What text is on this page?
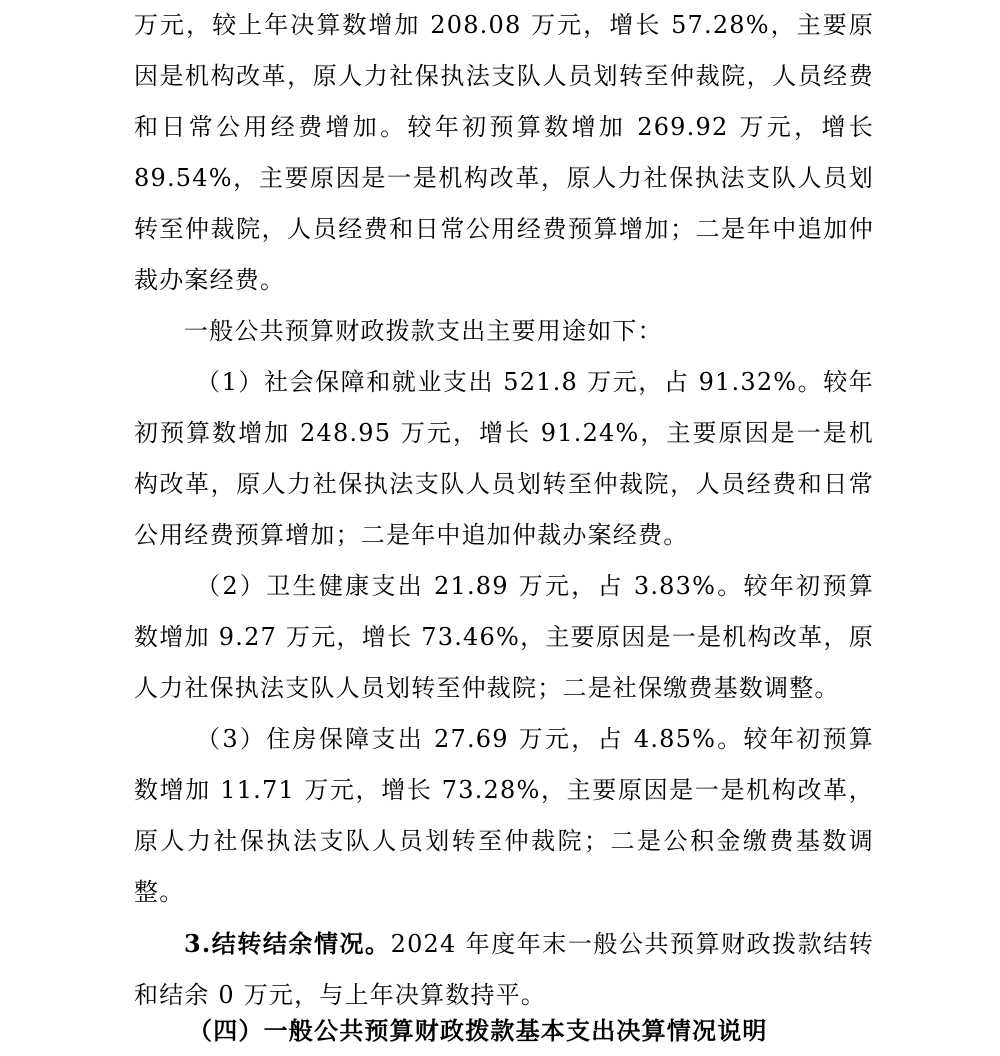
万元，较上年决算数增加 208.08 万元，增长 57.28%，主要原因是机构改革，原人力社保执法支队人员划转至仲裁院，人员经费和日常公用经费增加。较年初预算数增加 269.92 万元，增长 89.54%，主要原因是一是机构改革，原人力社保执法支队人员划转至仲裁院，人员经费和日常公用经费预算增加；二是年中追加仲裁办案经费。
一般公共预算财政拨款支出主要用途如下：
（1）社会保障和就业支出 521.8 万元，占 91.32%。较年初预算数增加 248.95 万元，增长 91.24%，主要原因是一是机构改革，原人力社保执法支队人员划转至仲裁院，人员经费和日常公用经费预算增加；二是年中追加仲裁办案经费。
（2）卫生健康支出 21.89 万元，占 3.83%。较年初预算数增加 9.27 万元，增长 73.46%，主要原因是一是机构改革，原人力社保执法支队人员划转至仲裁院；二是社保缴费基数调整。
（3）住房保障支出 27.69 万元，占 4.85%。较年初预算数增加 11.71 万元，增长 73.28%，主要原因是一是机构改革，原人力社保执法支队人员划转至仲裁院；二是公积金缴费基数调整。
3.结转结余情况。2024 年度年末一般公共预算财政拨款结转和结余 0 万元，与上年决算数持平。
（四）一般公共预算财政拨款基本支出决算情况说明
